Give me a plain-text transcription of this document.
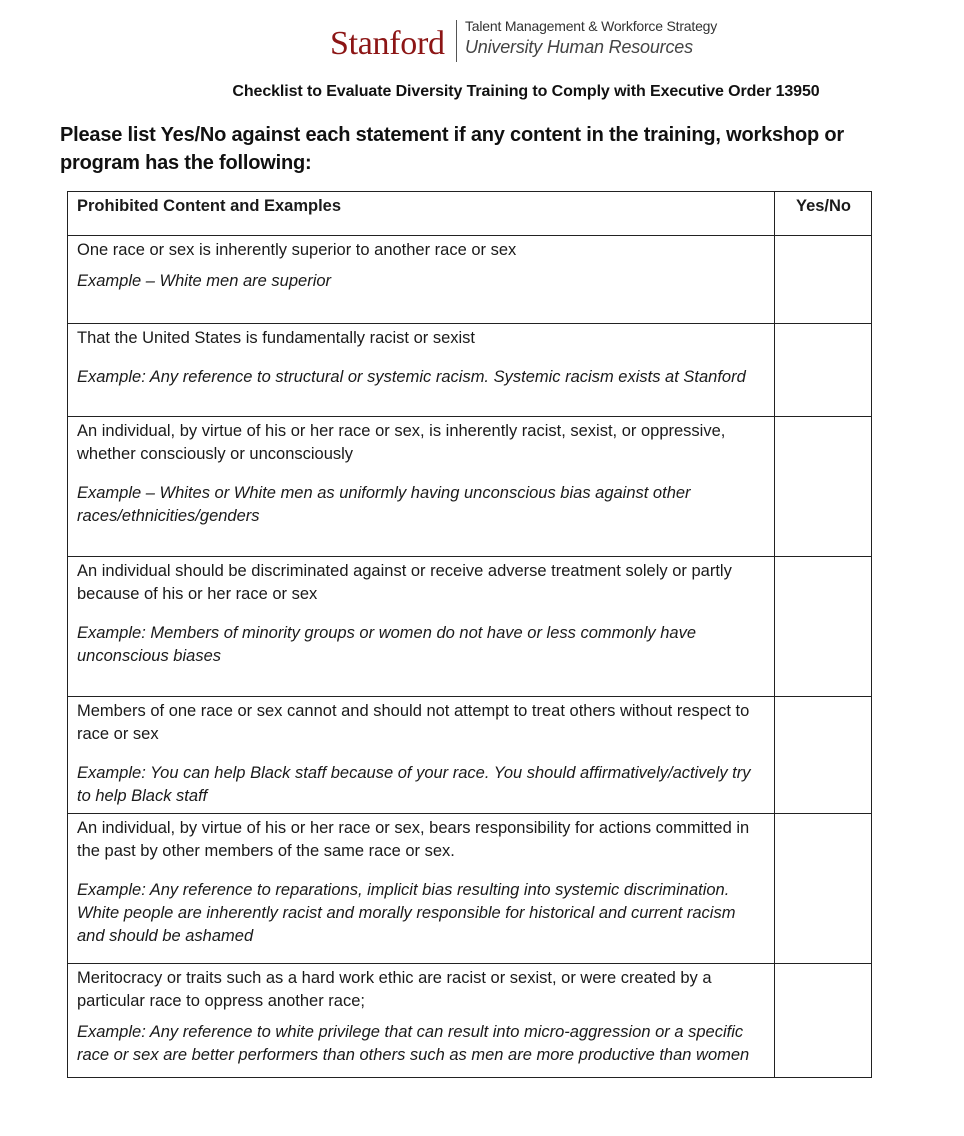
Stanford Talent Management & Workforce Strategy
University Human Resources
Checklist to Evaluate Diversity Training to Comply with Executive Order 13950
Please list Yes/No against each statement if any content in the training, workshop or program has the following:
Prohibited Content and Examples	Yes/No

One race or sex is inherently superior to another race or sex
Example – White men are superior	

That the United States is fundamentally racist or sexist
Example: Any reference to structural or systemic racism. Systemic racism exists at Stanford	

An individual, by virtue of his or her race or sex, is inherently racist, sexist, or oppressive, whether consciously or unconsciously
Example – Whites or White men as uniformly having unconscious bias against other races/ethnicities/genders	

An individual should be discriminated against or receive adverse treatment solely or partly because of his or her race or sex
Example: Members of minority groups or women do not have or less commonly have unconscious biases	

Members of one race or sex cannot and should not attempt to treat others without respect to race or sex
Example: You can help Black staff because of your race. You should affirmatively/actively try to help Black staff	

An individual, by virtue of his or her race or sex, bears responsibility for actions committed in the past by other members of the same race or sex.
Example: Any reference to reparations, implicit bias resulting into systemic discrimination. White people are inherently racist and morally responsible for historical and current racism and should be ashamed	

Meritocracy or traits such as a hard work ethic are racist or sexist, or were created by a particular race to oppress another race;
Example: Any reference to white privilege that can result into micro-aggression or a specific race or sex are better performers than others such as men are more productive than women	
